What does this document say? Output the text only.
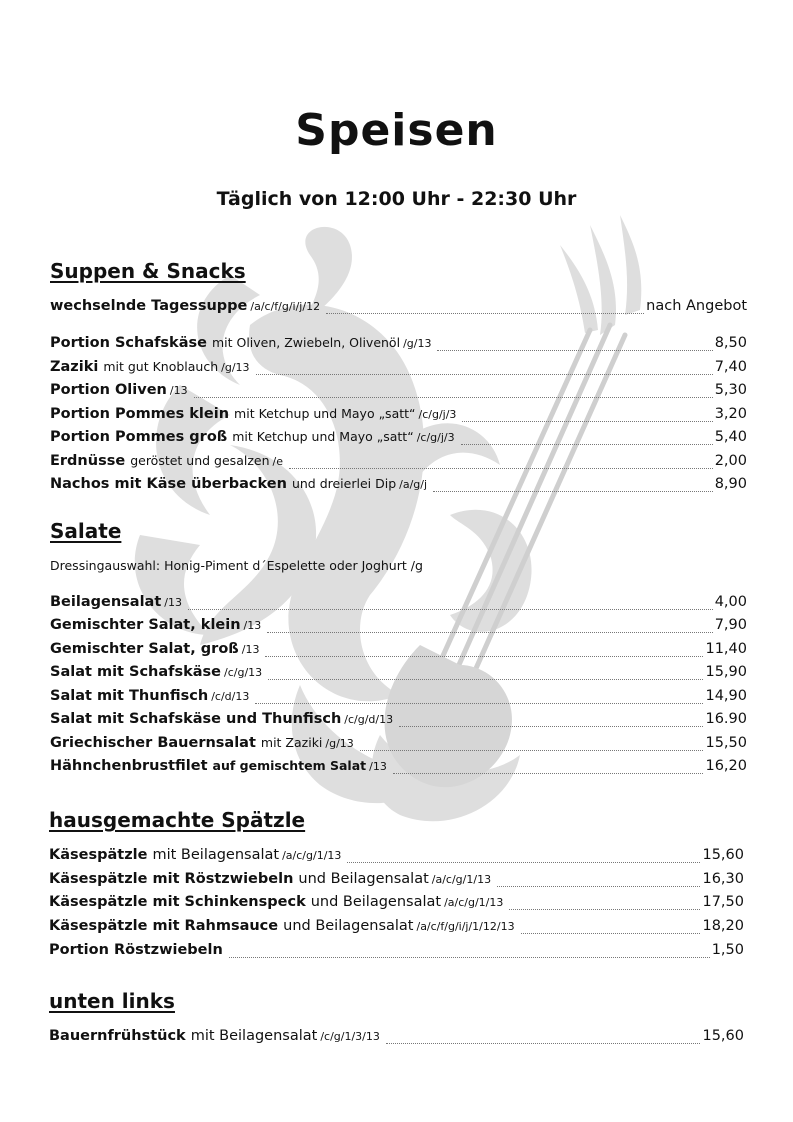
Speisen

Täglich von 12:00 Uhr - 22:30 Uhr

Suppen & Snacks
wechselnde Tagessuppe /a/c/f/g/i/j/12	nach Angebot
Portion Schafskäse mit Oliven, Zwiebeln, Olivenöl /g/13	8,50
Zaziki mit gut Knoblauch /g/13	7,40
Portion Oliven /13	5,30
Portion Pommes klein mit Ketchup und Mayo „satt“ /c/g/j/3	3,20
Portion Pommes groß mit Ketchup und Mayo „satt“ /c/g/j/3	5,40
Erdnüsse geröstet und gesalzen /e	2,00
Nachos mit Käse überbacken und dreierlei Dip /a/g/j	8,90
Salate

Dressingauswahl: Honig-Piment d´Espelette oder Joghurt /g

Beilagensalat /13	4,00
Gemischter Salat, klein /13	7,90
Gemischter Salat, groß /13	11,40
Salat mit Schafskäse /c/g/13	15,90
Salat mit Thunfisch /c/d/13	14,90
Salat mit Schafskäse und Thunfisch /c/g/d/13	16.90
Griechischer Bauernsalat mit Zaziki /g/13	15,50
Hähnchenbrustfilet auf gemischtem Salat /13	16,20
hausgemachte Spätzle
Käsespätzle mit Beilagensalat /a/c/g/1/13	15,60
Käsespätzle mit Röstzwiebeln und Beilagensalat /a/c/g/1/13	16,30
Käsespätzle mit Schinkenspeck und Beilagensalat /a/c/g/1/13	17,50
Käsespätzle mit Rahmsauce und Beilagensalat /a/c/f/g/i/j/1/12/13	18,20
Portion Röstzwiebeln	1,50
unten links
Bauernfrühstück mit Beilagensalat /c/g/1/3/13	15,60
